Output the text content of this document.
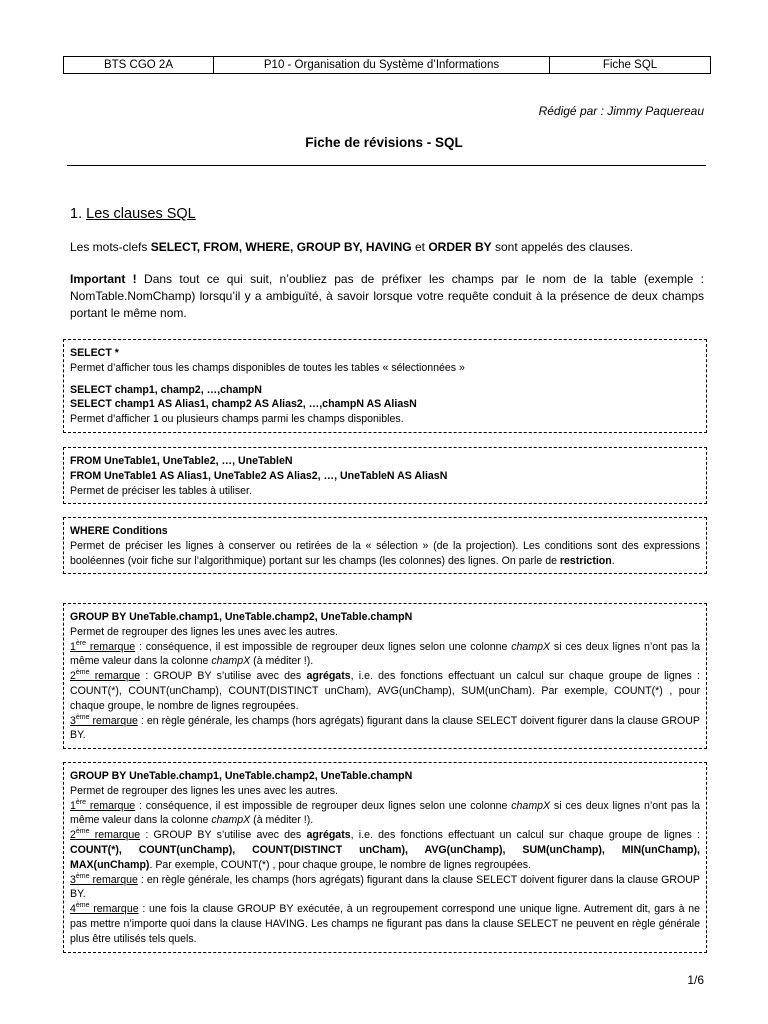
BTS CGO 2A	P10 - Organisation du Système d’Informations	Fiche SQL
Rédigé par : Jimmy Paquereau
Fiche de révisions - SQL
1. Les clauses SQL
Les mots-clefs SELECT, FROM, WHERE, GROUP BY, HAVING et ORDER BY sont appelés des clauses.
Important ! Dans tout ce qui suit, n’oubliez pas de préfixer les champs par le nom de la table (exemple : NomTable.NomChamp) lorsqu’il y a ambiguïté, à savoir lorsque votre requête conduit à la présence de deux champs portant le même nom.

SELECT *

Permet d’afficher tous les champs disponibles de toutes les tables « sélectionnées »

SELECT champ1, champ2, …,champN

SELECT champ1 AS Alias1, champ2 AS Alias2, …,champN AS AliasN

Permet d’afficher 1 ou plusieurs champs parmi les champs disponibles.

FROM UneTable1, UneTable2, …, UneTableN

FROM UneTable1 AS Alias1, UneTable2 AS Alias2, …, UneTableN AS AliasN

Permet de préciser les tables à utiliser.

WHERE Conditions

Permet de préciser les lignes à conserver ou retirées de la « sélection » (de la projection). Les conditions sont des expressions booléennes (voir fiche sur l’algorithmique) portant sur les champs (les colonnes) des lignes. On parle de restriction.

GROUP BY UneTable.champ1, UneTable.champ2, UneTable.champN

Permet de regrouper des lignes les unes avec les autres.

1ère remarque : conséquence, il est impossible de regrouper deux lignes selon une colonne champX si ces deux lignes n’ont pas la même valeur dans la colonne champX (à méditer !).

2ème remarque : GROUP BY s’utilise avec des agrégats, i.e. des fonctions effectuant un calcul sur chaque groupe de lignes : COUNT(*), COUNT(unChamp), COUNT(DISTINCT unCham), AVG(unChamp), SUM(unCham). Par exemple, COUNT(*) , pour chaque groupe, le nombre de lignes regroupées.

3ème remarque : en règle générale, les champs (hors agrégats) figurant dans la clause SELECT doivent figurer dans la clause GROUP BY.

GROUP BY UneTable.champ1, UneTable.champ2, UneTable.champN

Permet de regrouper des lignes les unes avec les autres.

1ère remarque : conséquence, il est impossible de regrouper deux lignes selon une colonne champX si ces deux lignes n’ont pas la même valeur dans la colonne champX (à méditer !).

2ème remarque : GROUP BY s’utilise avec des agrégats, i.e. des fonctions effectuant un calcul sur chaque groupe de lignes : COUNT(*), COUNT(unChamp), COUNT(DISTINCT unCham), AVG(unChamp), SUM(unChamp), MIN(unChamp), MAX(unChamp). Par exemple, COUNT(*) , pour chaque groupe, le nombre de lignes regroupées.

3ème remarque : en règle générale, les champs (hors agrégats) figurant dans la clause SELECT doivent figurer dans la clause GROUP BY.

4ème remarque : une fois la clause GROUP BY exécutée, à un regroupement correspond une unique ligne. Autrement dit, gars à ne pas mettre n’importe quoi dans la clause HAVING. Les champs ne figurant pas dans la clause SELECT ne peuvent en règle générale plus être utilisés tels quels.

1/6
